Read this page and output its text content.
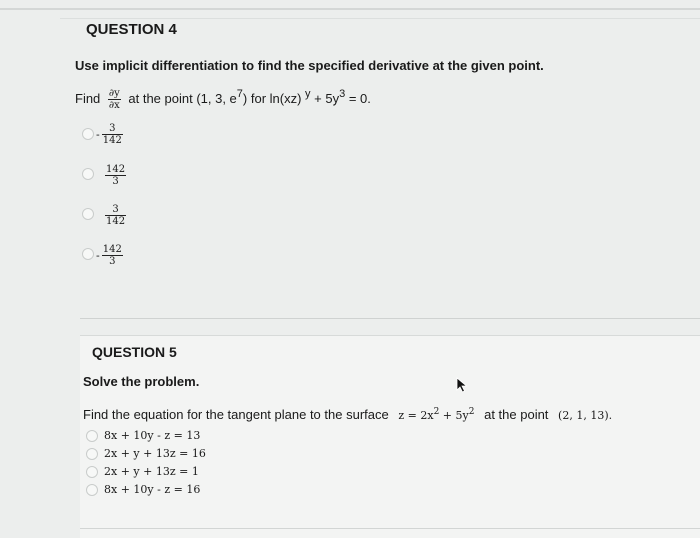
QUESTION 4
Use implicit differentiation to find the specified derivative at the given point.
Find $\frac{\partial y}{\partial x}$ at the point (1, 3, $e^7$) for ln(xz) $^y + 5y^3 = 0$.
- $\frac{3}{142}$
$\frac{142}{3}$
$\frac{3}{142}$
- $\frac{142}{3}$
QUESTION 5
Solve the problem.
Find the equation for the tangent plane to the surface $z = 2x^2 + 5y^2$ at the point (2, 1, 13).
8x + 10y - z = 13
2x + y + 13z = 16
2x + y + 13z = 1
8x + 10y - z = 16
